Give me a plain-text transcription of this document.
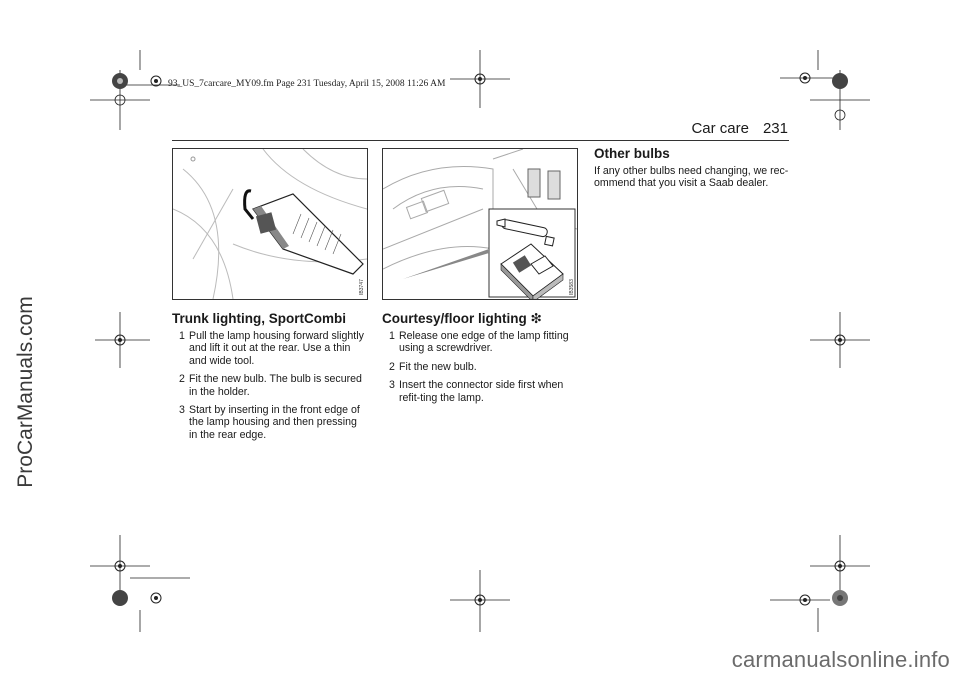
ProCarManuals.com
93_US_7carcare_MY09.fm Page 231 Tuesday, April 15, 2008 11:26 AM
Car care 231
IB3747	IB3583
Trunk lighting, SportCombi
1 Pull the lamp housing forward slightly and lift it out at the rear. Use a thin and wide tool.
2 Fit the new bulb. The bulb is secured in the holder.
3 Start by inserting in the front edge of the lamp housing and then pressing in the rear edge.
Courtesy/floor lighting ❇
1 Release one edge of the lamp fitting using a screwdriver.
2 Fit the new bulb.
3 Insert the connector side first when refit-ting the lamp.
Other bulbs
If any other bulbs need changing, we rec-ommend that you visit a Saab dealer.
carmanualsonline.info
